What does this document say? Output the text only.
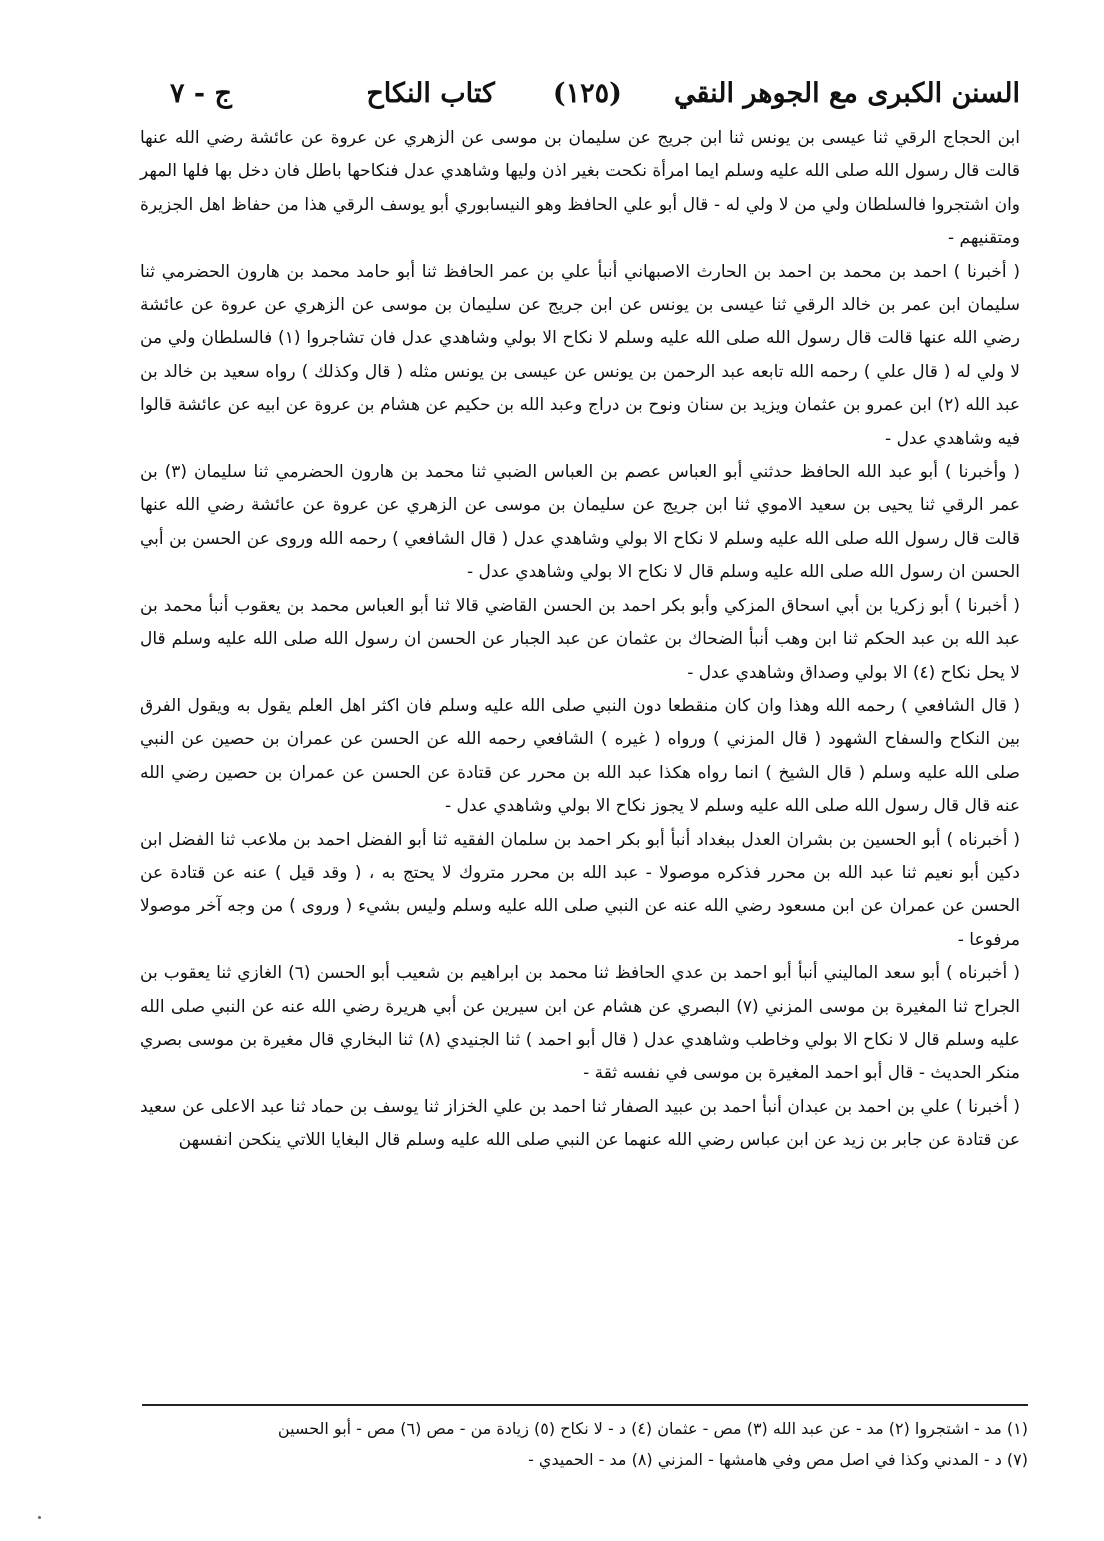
السنن الكبرى مع الجوهر النقي
(١٢٥)
كتاب النكاح
ج - ٧

ابن الحجاج الرقي ثنا عيسى بن يونس ثنا ابن جريج عن سليمان بن موسى عن الزهري عن عروة عن عائشة رضي الله عنها قالت قال رسول الله صلى الله عليه وسلم ايما امرأة نكحت بغير اذن وليها وشاهدي عدل فنكاحها باطل فان دخل بها فلها المهر وان اشتجروا فالسلطان ولي من لا ولي له - قال أبو علي الحافظ وهو النيسابوري أبو يوسف الرقي هذا من حفاظ اهل الجزيرة ومتقنيهم -

( أخبرنا ) احمد بن محمد بن احمد بن الحارث الاصبهاني أنبأ علي بن عمر الحافظ ثنا أبو حامد محمد بن هارون الحضرمي ثنا سليمان ابن عمر بن خالد الرقي ثنا عيسى بن يونس عن ابن جريج عن سليمان بن موسى عن الزهري عن عروة عن عائشة رضي الله عنها قالت قال رسول الله صلى الله عليه وسلم لا نكاح الا بولي وشاهدي عدل فان تشاجروا (١) فالسلطان ولي من لا ولي له ( قال علي ) رحمه الله تابعه عبد الرحمن بن يونس عن عيسى بن يونس مثله ( قال وكذلك ) رواه سعيد بن خالد بن عبد الله (٢) ابن عمرو بن عثمان ويزيد بن سنان ونوح بن دراج وعبد الله بن حكيم عن هشام بن عروة عن ابيه عن عائشة قالوا فيه وشاهدي عدل -

( وأخبرنا ) أبو عبد الله الحافظ حدثني أبو العباس عصم بن العباس الضبي ثنا محمد بن هارون الحضرمي ثنا سليمان (٣) بن عمر الرقي ثنا يحيى بن سعيد الاموي ثنا ابن جريج عن سليمان بن موسى عن الزهري عن عروة عن عائشة رضي الله عنها قالت قال رسول الله صلى الله عليه وسلم لا نكاح الا بولي وشاهدي عدل ( قال الشافعي ) رحمه الله وروى عن الحسن بن أبي الحسن ان رسول الله صلى الله عليه وسلم قال لا نكاح الا بولي وشاهدي عدل -

( أخبرنا ) أبو زكريا بن أبي اسحاق المزكي وأبو بكر احمد بن الحسن القاضي قالا ثنا أبو العباس محمد بن يعقوب أنبأ محمد بن عبد الله بن عبد الحكم ثنا ابن وهب أنبأ الضحاك بن عثمان عن عبد الجبار عن الحسن ان رسول الله صلى الله عليه وسلم قال لا يحل نكاح (٤) الا بولي وصداق وشاهدي عدل -

( قال الشافعي ) رحمه الله وهذا وان كان منقطعا دون النبي صلى الله عليه وسلم فان اكثر اهل العلم يقول به ويقول الفرق بين النكاح والسفاح الشهود ( قال المزني ) ورواه ( غيره ) الشافعي رحمه الله عن الحسن عن عمران بن حصين عن النبي صلى الله عليه وسلم ( قال الشيخ ) انما رواه هكذا عبد الله بن محرر عن قتادة عن الحسن عن عمران بن حصين رضي الله عنه قال قال رسول الله صلى الله عليه وسلم لا يجوز نكاح الا بولي وشاهدي عدل -

( أخبرناه ) أبو الحسين بن بشران العدل ببغداد أنبأ أبو بكر احمد بن سلمان الفقيه ثنا أبو الفضل احمد بن ملاعب ثنا الفضل ابن دكين أبو نعيم ثنا عبد الله بن محرر فذكره موصولا - عبد الله بن محرر متروك لا يحتج به ، ( وقد قيل ) عنه عن قتادة عن الحسن عن عمران عن ابن مسعود رضي الله عنه عن النبي صلى الله عليه وسلم وليس بشيء ( وروى ) من وجه آخر موصولا مرفوعا -

( أخبرناه ) أبو سعد الماليني أنبأ أبو احمد بن عدي الحافظ ثنا محمد بن ابراهيم بن شعيب أبو الحسن (٦) الغازي ثنا يعقوب بن الجراح ثنا المغيرة بن موسى المزني (٧) البصري عن هشام عن ابن سيرين عن أبي هريرة رضي الله عنه عن النبي صلى الله عليه وسلم قال لا نكاح الا بولي وخاطب وشاهدي عدل ( قال أبو احمد ) ثنا الجنيدي (٨) ثنا البخاري قال مغيرة بن موسى بصري منكر الحديث - قال أبو احمد المغيرة بن موسى في نفسه ثقة -

( أخبرنا ) علي بن احمد بن عبدان أنبأ احمد بن عبيد الصفار ثنا احمد بن علي الخزاز ثنا يوسف بن حماد ثنا عبد الاعلى عن سعيد عن قتادة عن جابر بن زيد عن ابن عباس رضي الله عنهما عن النبي صلى الله عليه وسلم قال البغايا اللاتي ينكحن انفسهن

(١) مد - اشتجروا (٢) مد - عن عبد الله (٣) مص - عثمان (٤) د - لا نكاح (٥) زيادة من - مص (٦) مص - أبو الحسين

(٧) د - المدني وكذا في اصل مص وفي هامشها - المزني (٨) مد - الحميدي -
